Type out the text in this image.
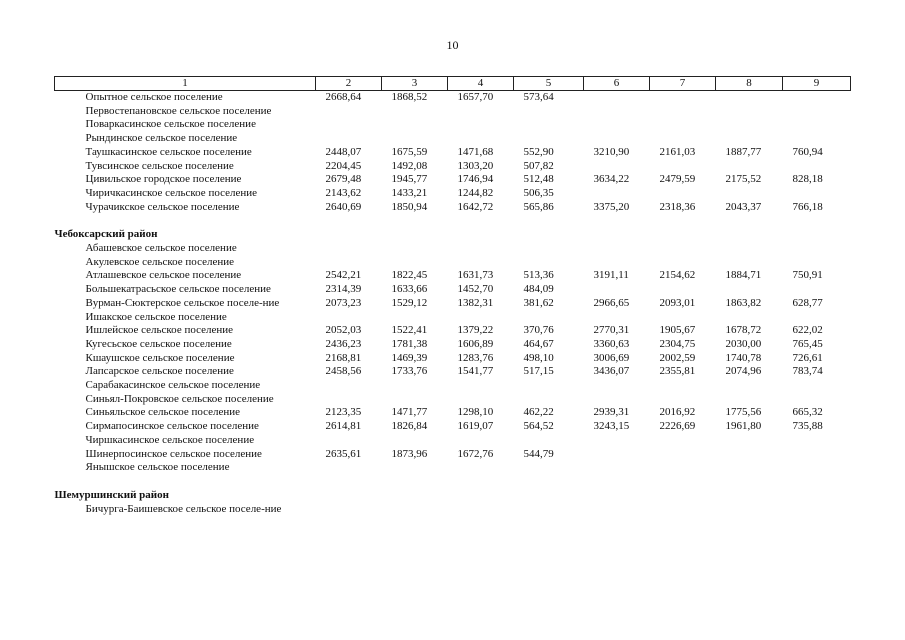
10
1	2	3	4	5	6	7	8	9
Опытное сельское поселение	2668,64	1868,52	1657,70	573,64				
Первостепановское сельское поселение								
Поваркасинское сельское поселение								
Рындинское сельское поселение								
Таушкасинское сельское поселение	2448,07	1675,59	1471,68	552,90	3210,90	2161,03	1887,77	760,94
Тувсинское сельское поселение	2204,45	1492,08	1303,20	507,82				
Цивильское городское поселение	2679,48	1945,77	1746,94	512,48	3634,22	2479,59	2175,52	828,18
Чиричкасинское сельское поселение	2143,62	1433,21	1244,82	506,35				
Чурачикское сельское поселение	2640,69	1850,94	1642,72	565,86	3375,20	2318,36	2043,37	766,18

Чебоксарский район								
Абашевское сельское поселение								
Акулевское сельское поселение								
Атлашевское сельское поселение	2542,21	1822,45	1631,73	513,36	3191,11	2154,62	1884,71	750,91
Большекатрасьское сельское поселение	2314,39	1633,66	1452,70	484,09				
Вурман-Сюктерское сельское поселе-ние	2073,23	1529,12	1382,31	381,62	2966,65	2093,01	1863,82	628,77
Ишакское сельское поселение								
Ишлейское сельское поселение	2052,03	1522,41	1379,22	370,76	2770,31	1905,67	1678,72	622,02
Кугесьское сельское поселение	2436,23	1781,38	1606,89	464,67	3360,63	2304,75	2030,00	765,45
Кшаушское сельское поселение	2168,81	1469,39	1283,76	498,10	3006,69	2002,59	1740,78	726,61
Лапсарское сельское поселение	2458,56	1733,76	1541,77	517,15	3436,07	2355,81	2074,96	783,74
Сарабакасинское сельское поселение								
Синьял-Покровское сельское поселение								
Синьяльское сельское поселение	2123,35	1471,77	1298,10	462,22	2939,31	2016,92	1775,56	665,32
Сирмапосинское сельское поселение	2614,81	1826,84	1619,07	564,52	3243,15	2226,69	1961,80	735,88
Чиршкасинское сельское поселение								
Шинерпосинское сельское поселение	2635,61	1873,96	1672,76	544,79				
Янышское сельское поселение								

Шемуршинский район								
Бичурга-Баишевское сельское поселе-ние								
